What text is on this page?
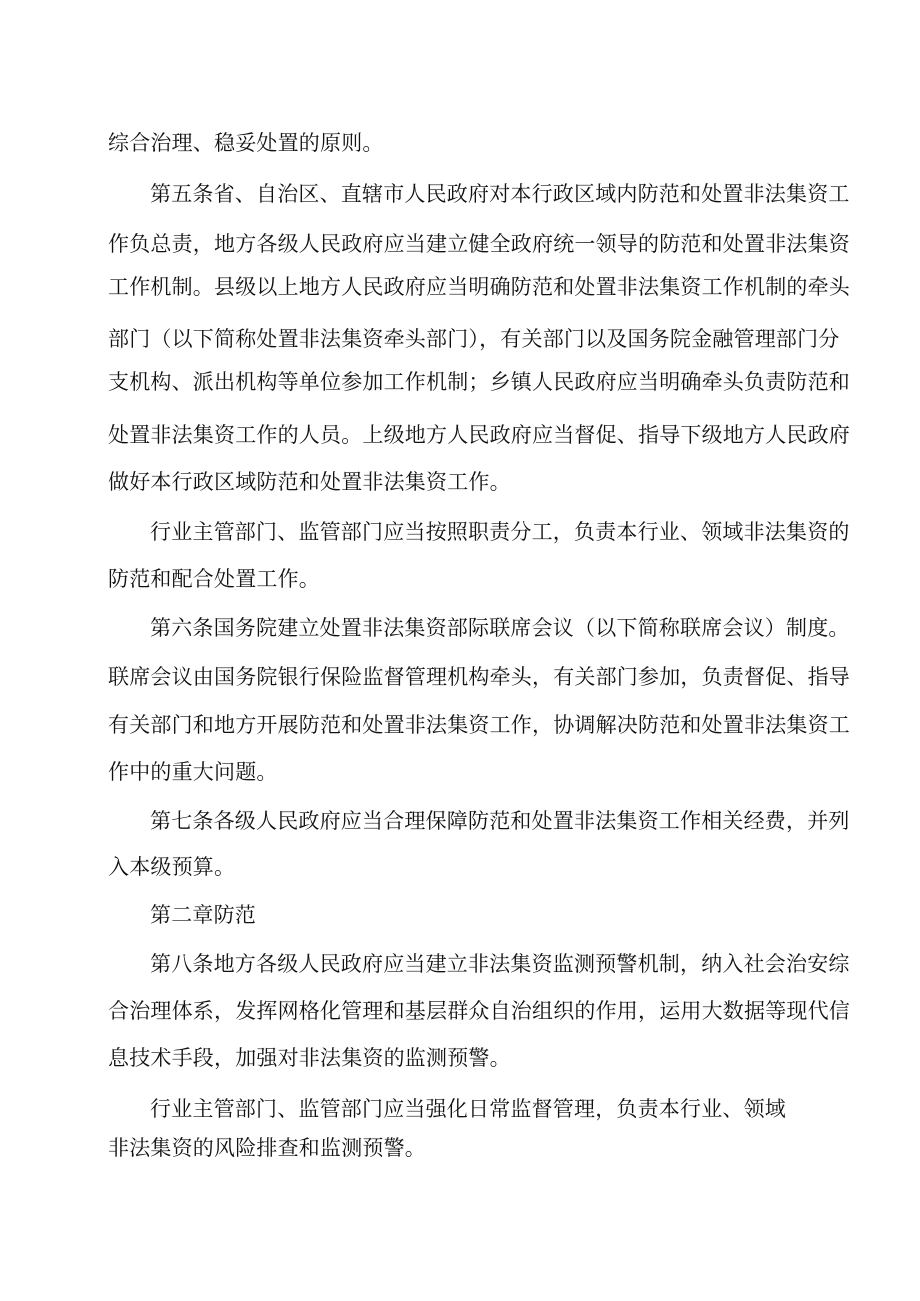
综合治理、稳妥处置的原则。
第五条省、自治区、直辖市人民政府对本行政区域内防范和处置非法集资工
作负总责，地方各级人民政府应当建立健全政府统一领导的防范和处置非法集资
工作机制。县级以上地方人民政府应当明确防范和处置非法集资工作机制的牵头
部门（以下简称处置非法集资牵头部门），有关部门以及国务院金融管理部门分
支机构、派出机构等单位参加工作机制；乡镇人民政府应当明确牵头负责防范和
处置非法集资工作的人员。上级地方人民政府应当督促、指导下级地方人民政府
做好本行政区域防范和处置非法集资工作。
行业主管部门、监管部门应当按照职责分工，负责本行业、领域非法集资的
防范和配合处置工作。
第六条国务院建立处置非法集资部际联席会议（以下简称联席会议）制度。
联席会议由国务院银行保险监督管理机构牵头，有关部门参加，负责督促、指导
有关部门和地方开展防范和处置非法集资工作，协调解决防范和处置非法集资工
作中的重大问题。
第七条各级人民政府应当合理保障防范和处置非法集资工作相关经费，并列
入本级预算。
第二章防范
第八条地方各级人民政府应当建立非法集资监测预警机制，纳入社会治安综
合治理体系，发挥网格化管理和基层群众自治组织的作用，运用大数据等现代信
息技术手段，加强对非法集资的监测预警。
行业主管部门、监管部门应当强化日常监督管理，负责本行业、领域
非法集资的风险排查和监测预警。
